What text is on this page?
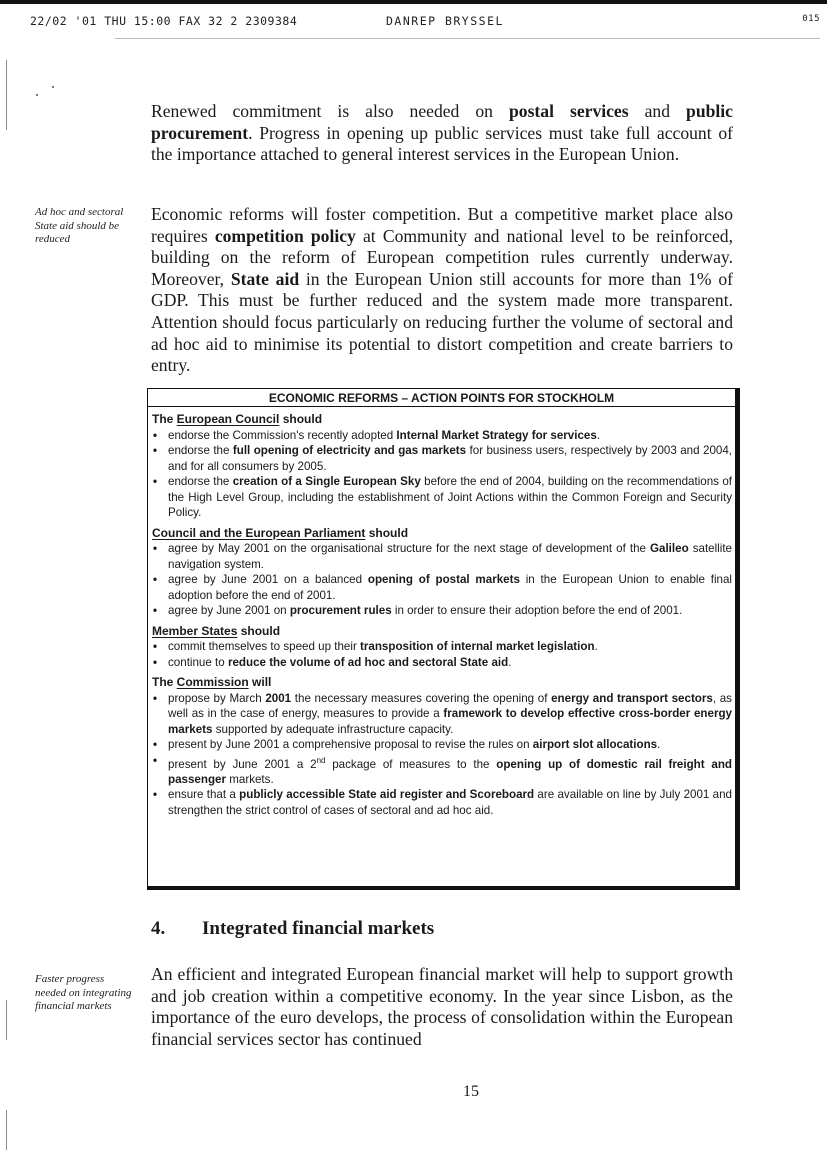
22/02 '01 THU 15:00 FAX 32 2 2309384	DANREP BRYSSEL	015

Renewed commitment is also needed on postal services and public procurement. Progress in opening up public services must take full account of the importance attached to general interest services in the European Union.

Ad hoc and sectoral State aid should be reduced

Economic reforms will foster competition. But a competitive market place also requires competition policy at Community and national level to be reinforced, building on the reform of European competition rules currently underway. Moreover, State aid in the European Union still accounts for more than 1% of GDP. This must be further reduced and the system made more transparent. Attention should focus particularly on reducing further the volume of sectoral and ad hoc aid to minimise its potential to distort competition and create barriers to entry.

ECONOMIC REFORMS – ACTION POINTS FOR STOCKHOLM
The European Council should
• endorse the Commission's recently adopted Internal Market Strategy for services.
• endorse the full opening of electricity and gas markets for business users, respectively by 2003 and 2004, and for all consumers by 2005.
• endorse the creation of a Single European Sky before the end of 2004, building on the recommendations of the High Level Group, including the establishment of Joint Actions within the Common Foreign and Security Policy.
Council and the European Parliament should
• agree by May 2001 on the organisational structure for the next stage of development of the Galileo satellite navigation system.
• agree by June 2001 on a balanced opening of postal markets in the European Union to enable final adoption before the end of 2001.
• agree by June 2001 on procurement rules in order to ensure their adoption before the end of 2001.
Member States should
• commit themselves to speed up their transposition of internal market legislation.
• continue to reduce the volume of ad hoc and sectoral State aid.
The Commission will
• propose by March 2001 the necessary measures covering the opening of energy and transport sectors, as well as in the case of energy, measures to provide a framework to develop effective cross-border energy markets supported by adequate infrastructure capacity.
• present by June 2001 a comprehensive proposal to revise the rules on airport slot allocations.
• present by June 2001 a 2nd package of measures to the opening up of domestic rail freight and passenger markets.
• ensure that a publicly accessible State aid register and Scoreboard are available on line by July 2001 and strengthen the strict control of cases of sectoral and ad hoc aid.
4. Integrated financial markets
Faster progress needed on integrating financial markets

An efficient and integrated European financial market will help to support growth and job creation within a competitive economy. In the year since Lisbon, as the importance of the euro develops, the process of consolidation within the European financial services sector has continued

15
